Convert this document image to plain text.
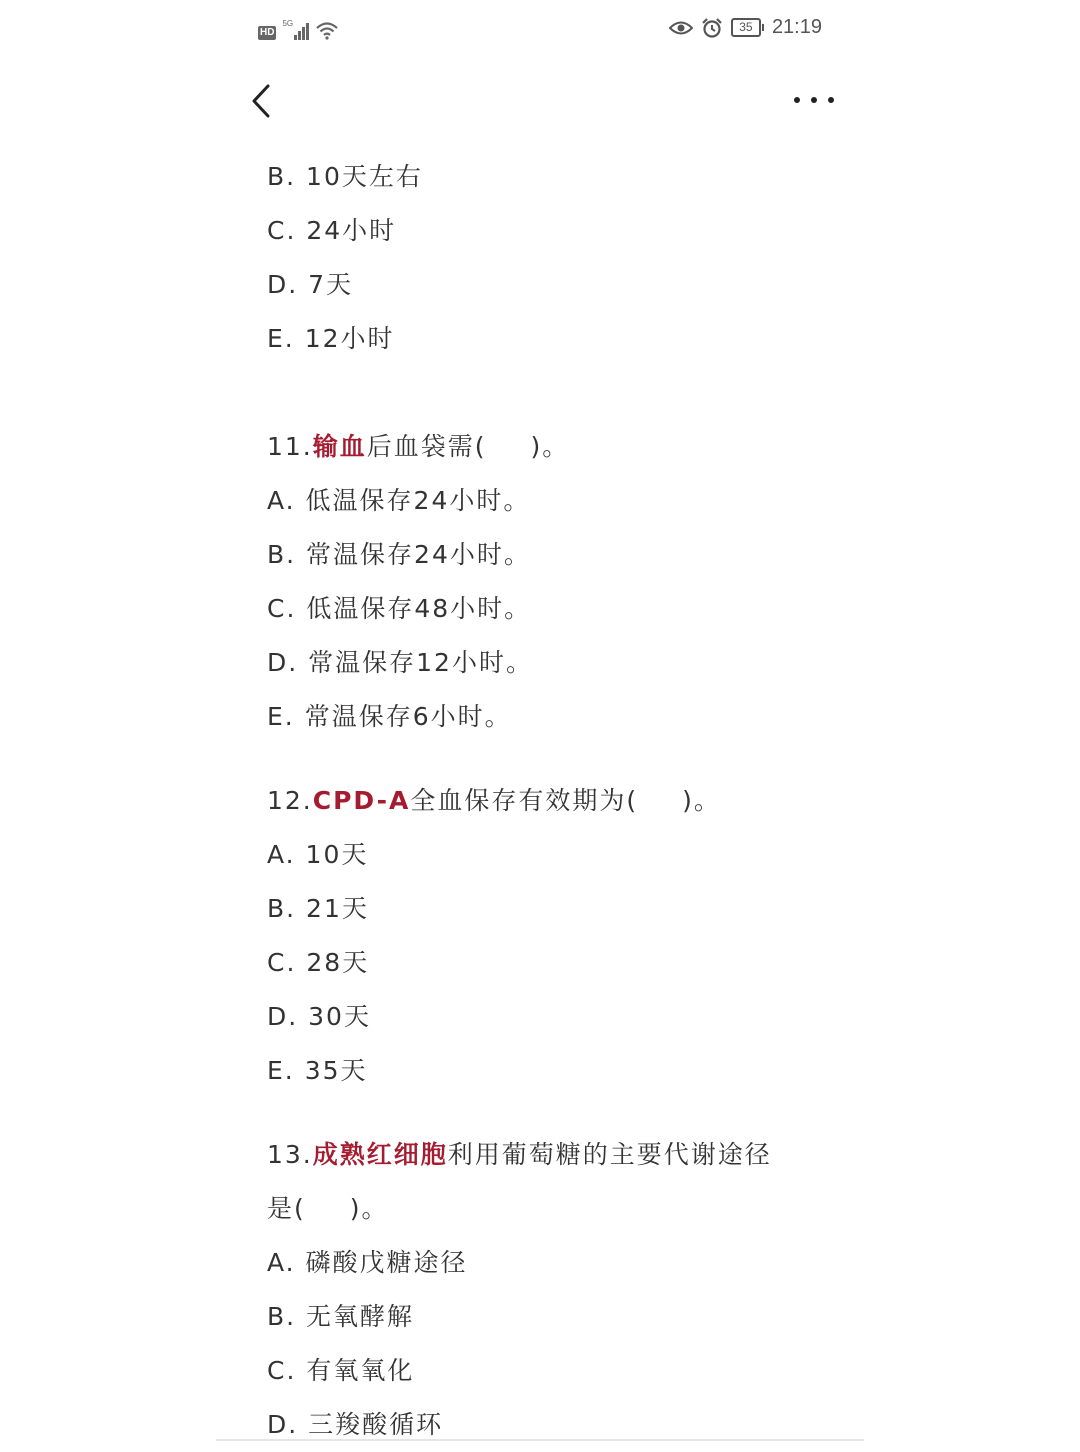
HD
5G	35 21:19
B. 10天左右
C. 24小时
D. 7天
E. 12小时
11.输血后血袋需( )。
A. 低温保存24小时。
B. 常温保存24小时。
C. 低温保存48小时。
D. 常温保存12小时。
E. 常温保存6小时。
12.CPD-A全血保存有效期为( )。
A. 10天
B. 21天
C. 28天
D. 30天
E. 35天
13.成熟红细胞利用葡萄糖的主要代谢途径
是( )。
A. 磷酸戊糖途径
B. 无氧酵解
C. 有氧氧化
D. 三羧酸循环
